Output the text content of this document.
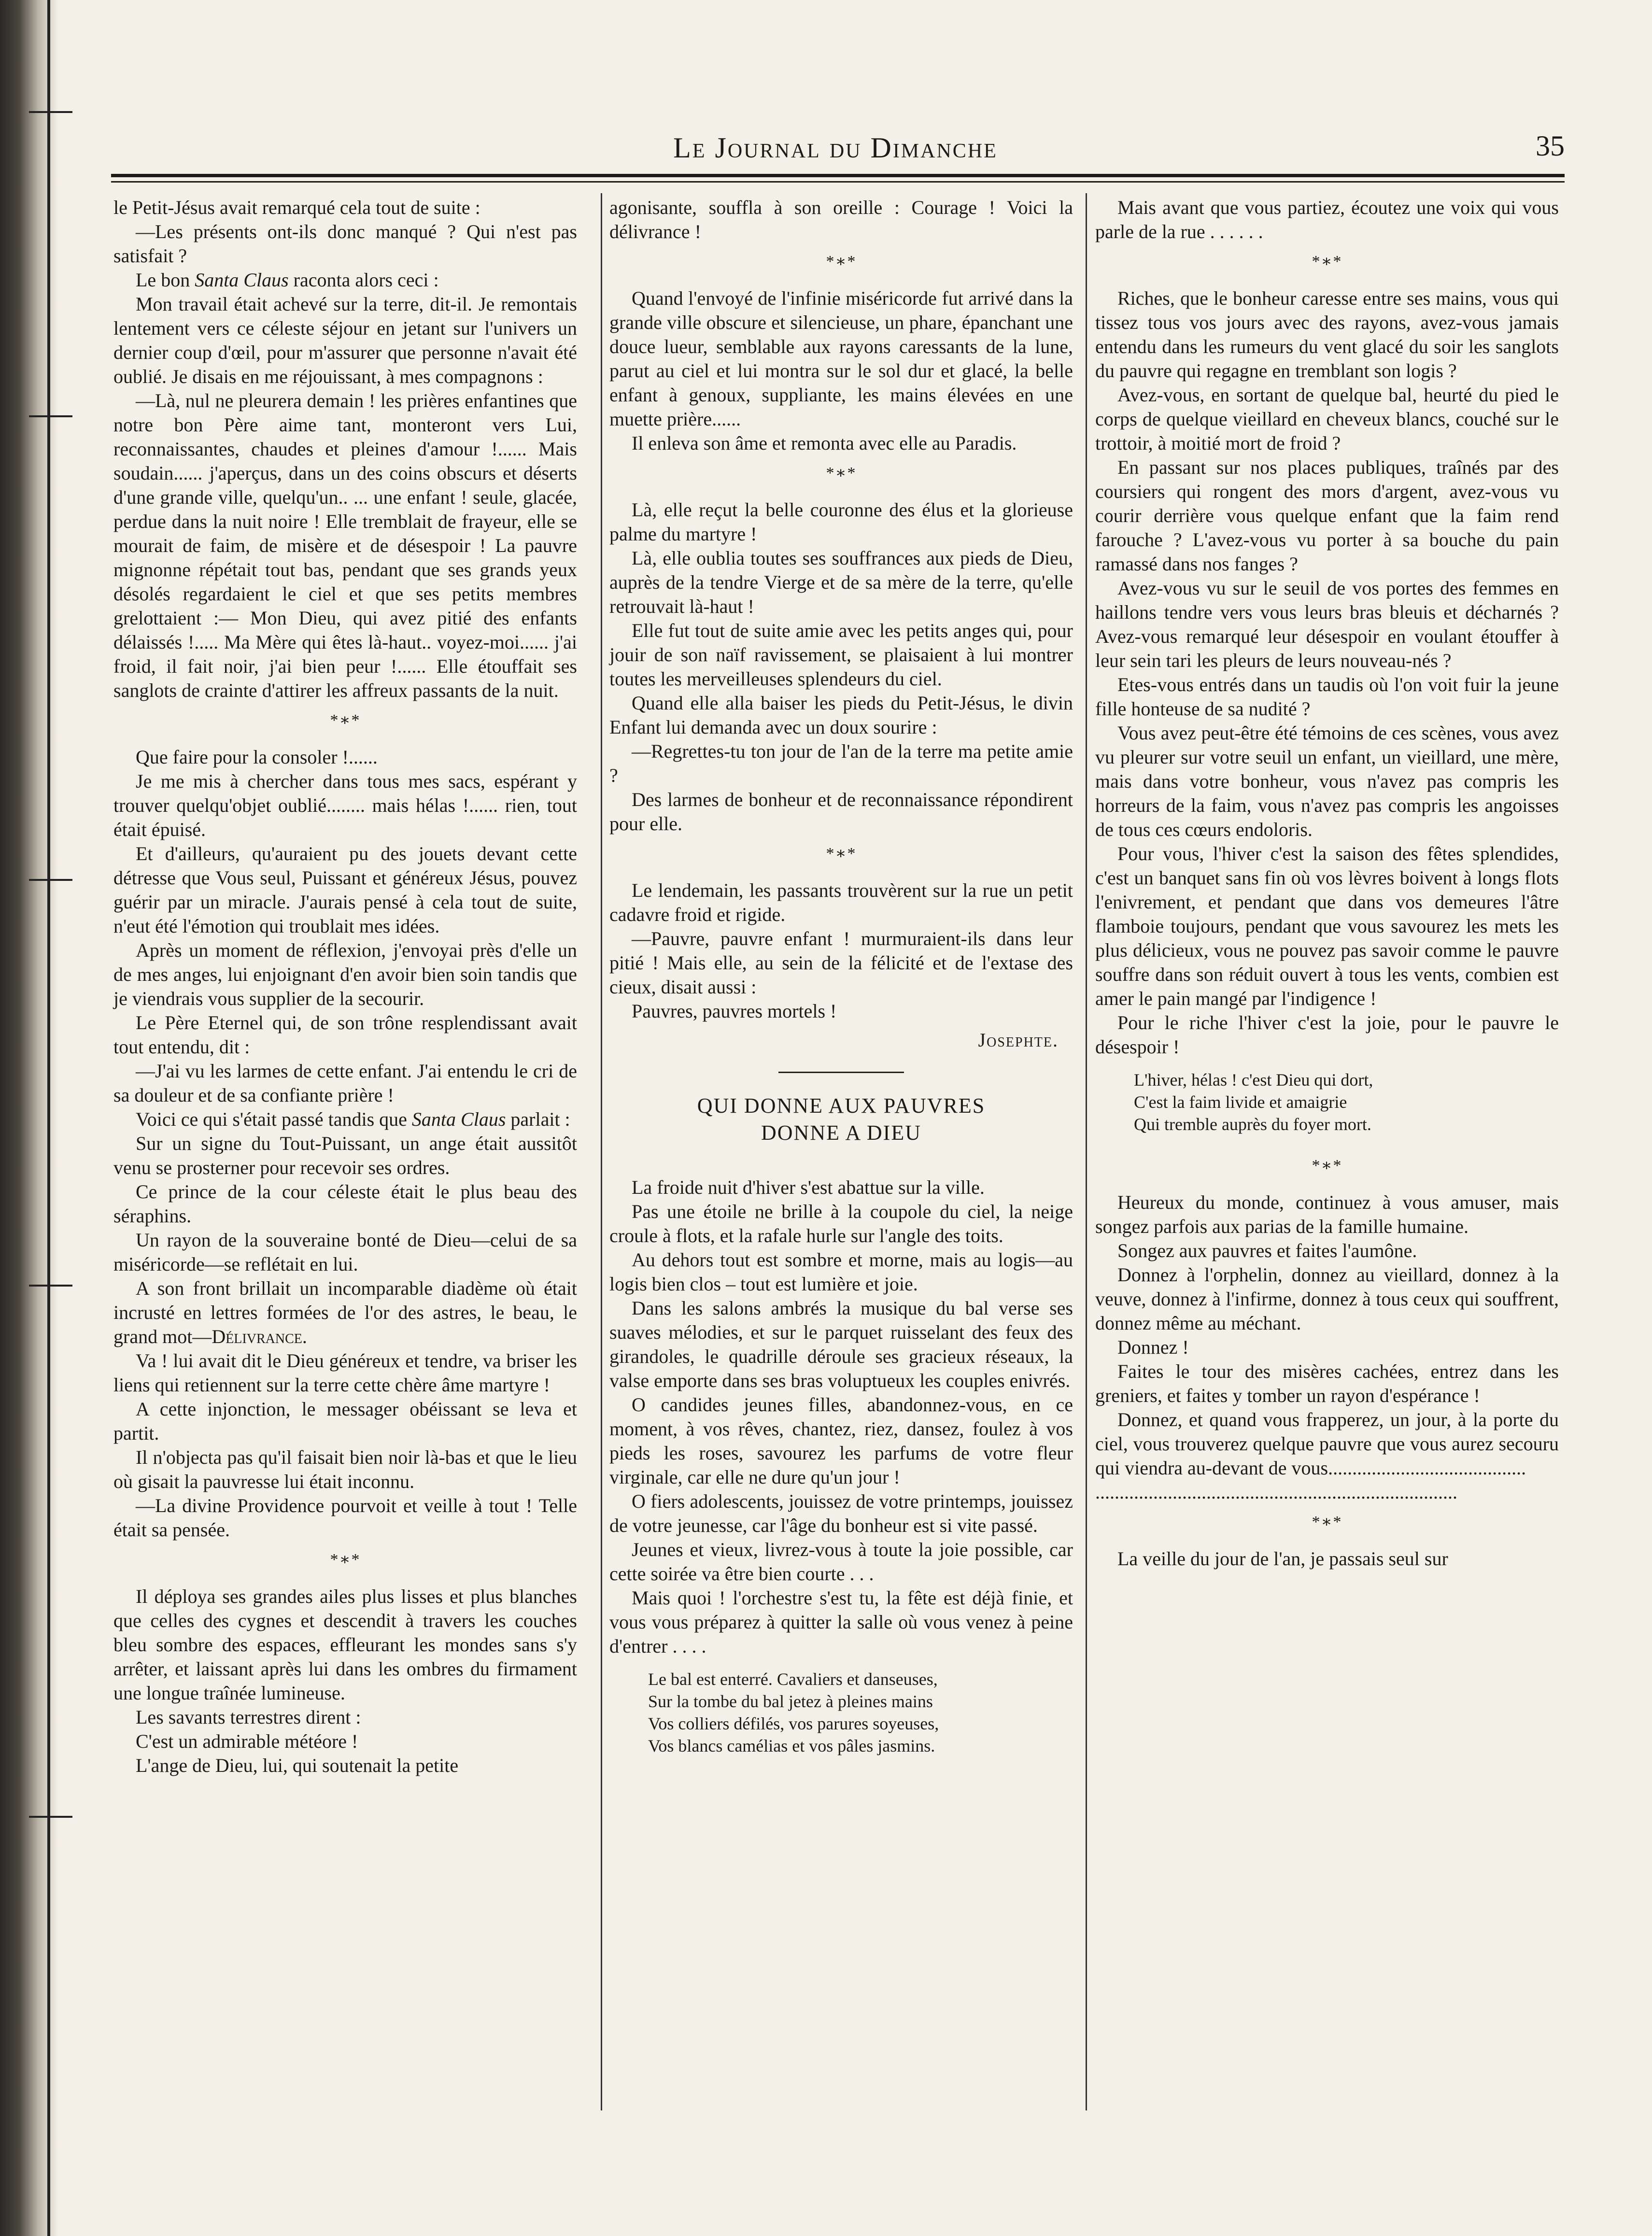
Le Journal du Dimanche	35

le Petit-Jésus avait remarqué cela tout de suite :

—Les présents ont-ils donc manqué ? Qui n'est pas satisfait ?

Le bon Santa Claus raconta alors ceci :

Mon travail était achevé sur la terre, dit-il. Je remontais lentement vers ce céleste séjour en jetant sur l'univers un dernier coup d'œil, pour m'assurer que personne n'avait été oublié. Je disais en me réjouissant, à mes compagnons :

—Là, nul ne pleurera demain ! les prières enfantines que notre bon Père aime tant, monteront vers Lui, reconnaissantes, chaudes et pleines d'amour !...... Mais soudain...... j'aperçus, dans un des coins obscurs et déserts d'une grande ville, quelqu'un.. ... une enfant ! seule, glacée, perdue dans la nuit noire ! Elle tremblait de frayeur, elle se mourait de faim, de misère et de désespoir ! La pauvre mignonne répétait tout bas, pendant que ses grands yeux désolés regardaient le ciel et que ses petits membres grelottaient :— Mon Dieu, qui avez pitié des enfants délaissés !..... Ma Mère qui êtes là-haut.. voyez-moi...... j'ai froid, il fait noir, j'ai bien peur !...... Elle étouffait ses sanglots de crainte d'attirer les affreux passants de la nuit.

*∗*

Que faire pour la consoler !......

Je me mis à chercher dans tous mes sacs, espérant y trouver quelqu'objet oublié........ mais hélas !...... rien, tout était épuisé.

Et d'ailleurs, qu'auraient pu des jouets devant cette détresse que Vous seul, Puissant et généreux Jésus, pouvez guérir par un miracle. J'aurais pensé à cela tout de suite, n'eut été l'émotion qui troublait mes idées.

Après un moment de réflexion, j'envoyai près d'elle un de mes anges, lui enjoignant d'en avoir bien soin tandis que je viendrais vous supplier de la secourir.

Le Père Eternel qui, de son trône resplendissant avait tout entendu, dit :

—J'ai vu les larmes de cette enfant. J'ai entendu le cri de sa douleur et de sa confiante prière !

Voici ce qui s'était passé tandis que Santa Claus parlait :

Sur un signe du Tout-Puissant, un ange était aussitôt venu se prosterner pour recevoir ses ordres.

Ce prince de la cour céleste était le plus beau des séraphins.

Un rayon de la souveraine bonté de Dieu—celui de sa miséricorde—se reflétait en lui.

A son front brillait un incomparable diadème où était incrusté en lettres formées de l'or des astres, le beau, le grand mot—Délivrance.

Va ! lui avait dit le Dieu généreux et tendre, va briser les liens qui retiennent sur la terre cette chère âme martyre !

A cette injonction, le messager obéissant se leva et partit.

Il n'objecta pas qu'il faisait bien noir là-bas et que le lieu où gisait la pauvresse lui était inconnu.

—La divine Providence pourvoit et veille à tout ! Telle était sa pensée.

*∗*

Il déploya ses grandes ailes plus lisses et plus blanches que celles des cygnes et descendit à travers les couches bleu sombre des espaces, effleurant les mondes sans s'y arrêter, et laissant après lui dans les ombres du firmament une longue traînée lumineuse.

Les savants terrestres dirent :

C'est un admirable météore !

L'ange de Dieu, lui, qui soutenait la petite

agonisante, souffla à son oreille : Courage ! Voici la délivrance !

*∗*

Quand l'envoyé de l'infinie miséricorde fut arrivé dans la grande ville obscure et silencieuse, un phare, épanchant une douce lueur, semblable aux rayons caressants de la lune, parut au ciel et lui montra sur le sol dur et glacé, la belle enfant à genoux, suppliante, les mains élevées en une muette prière......

Il enleva son âme et remonta avec elle au Paradis.

*∗*

Là, elle reçut la belle couronne des élus et la glorieuse palme du martyre !

Là, elle oublia toutes ses souffrances aux pieds de Dieu, auprès de la tendre Vierge et de sa mère de la terre, qu'elle retrouvait là-haut !

Elle fut tout de suite amie avec les petits anges qui, pour jouir de son naïf ravissement, se plaisaient à lui montrer toutes les merveilleuses splendeurs du ciel.

Quand elle alla baiser les pieds du Petit-Jésus, le divin Enfant lui demanda avec un doux sourire :

—Regrettes-tu ton jour de l'an de la terre ma petite amie ?

Des larmes de bonheur et de reconnaissance répondirent pour elle.

*∗*

Le lendemain, les passants trouvèrent sur la rue un petit cadavre froid et rigide.

—Pauvre, pauvre enfant ! murmuraient-ils dans leur pitié ! Mais elle, au sein de la félicité et de l'extase des cieux, disait aussi :

Pauvres, pauvres mortels !

Josephte.
QUI DONNE AUX PAUVRES
DONNE A DIEU

La froide nuit d'hiver s'est abattue sur la ville.

Pas une étoile ne brille à la coupole du ciel, la neige croule à flots, et la rafale hurle sur l'angle des toits.

Au dehors tout est sombre et morne, mais au logis—au logis bien clos – tout est lumière et joie.

Dans les salons ambrés la musique du bal verse ses suaves mélodies, et sur le parquet ruisselant des feux des girandoles, le quadrille déroule ses gracieux réseaux, la valse emporte dans ses bras voluptueux les couples enivrés.

O candides jeunes filles, abandonnez-vous, en ce moment, à vos rêves, chantez, riez, dansez, foulez à vos pieds les roses, savourez les parfums de votre fleur virginale, car elle ne dure qu'un jour !

O fiers adolescents, jouissez de votre printemps, jouissez de votre jeunesse, car l'âge du bonheur est si vite passé.

Jeunes et vieux, livrez-vous à toute la joie possible, car cette soirée va être bien courte . . .

Mais quoi ! l'orchestre s'est tu, la fête est déjà finie, et vous vous préparez à quitter la salle où vous venez à peine d'entrer . . . .

Le bal est enterré. Cavaliers et danseuses,
Sur la tombe du bal jetez à pleines mains
Vos colliers défilés, vos parures soyeuses,
Vos blancs camélias et vos pâles jasmins.

Mais avant que vous partiez, écoutez une voix qui vous parle de la rue . . . . . .

*∗*

Riches, que le bonheur caresse entre ses mains, vous qui tissez tous vos jours avec des rayons, avez-vous jamais entendu dans les rumeurs du vent glacé du soir les sanglots du pauvre qui regagne en tremblant son logis ?

Avez-vous, en sortant de quelque bal, heurté du pied le corps de quelque vieillard en cheveux blancs, couché sur le trottoir, à moitié mort de froid ?

En passant sur nos places publiques, traînés par des coursiers qui rongent des mors d'argent, avez-vous vu courir derrière vous quelque enfant que la faim rend farouche ? L'avez-vous vu porter à sa bouche du pain ramassé dans nos fanges ?

Avez-vous vu sur le seuil de vos portes des femmes en haillons tendre vers vous leurs bras bleuis et décharnés ? Avez-vous remarqué leur désespoir en voulant étouffer à leur sein tari les pleurs de leurs nouveau-nés ?

Etes-vous entrés dans un taudis où l'on voit fuir la jeune fille honteuse de sa nudité ?

Vous avez peut-être été témoins de ces scènes, vous avez vu pleurer sur votre seuil un enfant, un vieillard, une mère, mais dans votre bonheur, vous n'avez pas compris les horreurs de la faim, vous n'avez pas compris les angoisses de tous ces cœurs endoloris.

Pour vous, l'hiver c'est la saison des fêtes splendides, c'est un banquet sans fin où vos lèvres boivent à longs flots l'enivrement, et pendant que dans vos demeures l'âtre flamboie toujours, pendant que vous savourez les mets les plus délicieux, vous ne pouvez pas savoir comme le pauvre souffre dans son réduit ouvert à tous les vents, combien est amer le pain mangé par l'indigence !

Pour le riche l'hiver c'est la joie, pour le pauvre le désespoir !

L'hiver, hélas ! c'est Dieu qui dort,
C'est la faim livide et amaigrie
Qui tremble auprès du foyer mort.
*∗*

Heureux du monde, continuez à vous amuser, mais songez parfois aux parias de la famille humaine.

Songez aux pauvres et faites l'aumône.

Donnez à l'orphelin, donnez au vieillard, donnez à la veuve, donnez à l'infirme, donnez à tous ceux qui souffrent, donnez même au méchant.

Donnez !

Faites le tour des misères cachées, entrez dans les greniers, et faites y tomber un rayon d'espérance !

Donnez, et quand vous frapperez, un jour, à la porte du ciel, vous trouverez quelque pauvre que vous aurez secouru qui viendra au-devant de vous.........................................

...........................................................................

*∗*

La veille du jour de l'an, je passais seul sur
